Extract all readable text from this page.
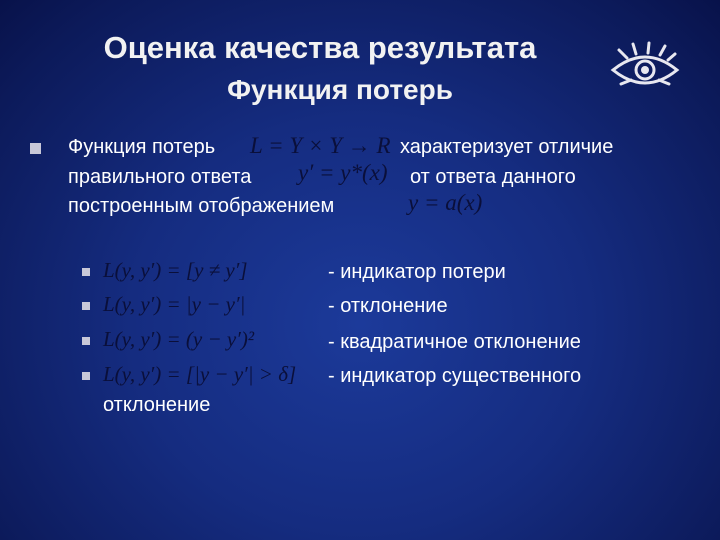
Оценка качества результата
Функция потерь
Функция потерь L = Y × Y → R характеризует отличие
правильного ответа y′ = y*(x) от ответа данного
построенным отображением	y = a(x)
L(y, y′) = [y ≠ y′]	- индикатор потери
L(y, y′) = |y − y′|	- отклонение
L(y, y′) = (y − y′)²	- квадратичное отклонение
L(y, y′) = [|y − y′| > δ] - индикатор существенного
отклонение
